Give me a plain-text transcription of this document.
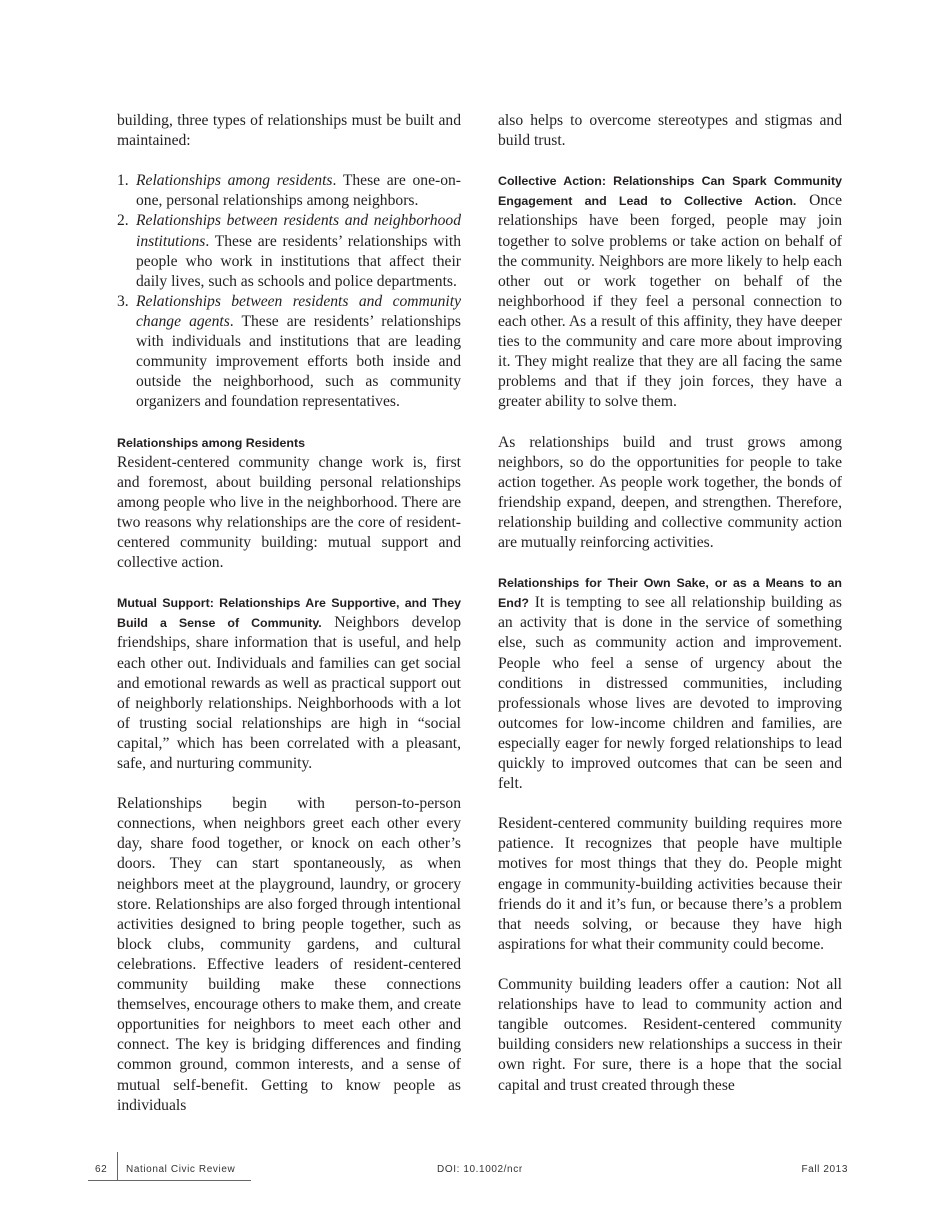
building, three types of relationships must be built and maintained:

1. Relationships among residents. These are one-on-one, personal relationships among neighbors.
2. Relationships between residents and neighborhood institutions. These are residents’ relationships with people who work in institutions that affect their daily lives, such as schools and police departments.
3. Relationships between residents and community change agents. These are residents’ relationships with individuals and institutions that are leading community improvement efforts both inside and outside the neighborhood, such as community organizers and foundation representatives.
Relationships among Residents

Resident-centered community change work is, first and foremost, about building personal relationships among people who live in the neighborhood. There are two reasons why relationships are the core of resident-centered community building: mutual support and collective action.

Mutual Support: Relationships Are Supportive, and They Build a Sense of Community. Neighbors develop friendships, share information that is useful, and help each other out. Individuals and families can get social and emotional rewards as well as practical support out of neighborly relationships. Neighborhoods with a lot of trusting social relationships are high in “social capital,” which has been correlated with a pleasant, safe, and nurturing community.

Relationships begin with person-to-person connections, when neighbors greet each other every day, share food together, or knock on each other’s doors. They can start spontaneously, as when neighbors meet at the playground, laundry, or grocery store. Relationships are also forged through intentional activities designed to bring people together, such as block clubs, community gardens, and cultural celebrations. Effective leaders of resident-centered community building make these connections themselves, encourage others to make them, and create opportunities for neighbors to meet each other and connect. The key is bridging differences and finding common ground, common interests, and a sense of mutual self-benefit. Getting to know people as individuals

also helps to overcome stereotypes and stigmas and build trust.

Collective Action: Relationships Can Spark Community Engagement and Lead to Collective Action. Once relationships have been forged, people may join together to solve problems or take action on behalf of the community. Neighbors are more likely to help each other out or work together on behalf of the neighborhood if they feel a personal connection to each other. As a result of this affinity, they have deeper ties to the community and care more about improving it. They might realize that they are all facing the same problems and that if they join forces, they have a greater ability to solve them.

As relationships build and trust grows among neighbors, so do the opportunities for people to take action together. As people work together, the bonds of friendship expand, deepen, and strengthen. Therefore, relationship building and collective community action are mutually reinforcing activities.

Relationships for Their Own Sake, or as a Means to an End? It is tempting to see all relationship building as an activity that is done in the service of something else, such as community action and improvement. People who feel a sense of urgency about the conditions in distressed communities, including professionals whose lives are devoted to improving outcomes for low-income children and families, are especially eager for newly forged relationships to lead quickly to improved outcomes that can be seen and felt.

Resident-centered community building requires more patience. It recognizes that people have multiple motives for most things that they do. People might engage in community-building activities because their friends do it and it’s fun, or because there’s a problem that needs solving, or because they have high aspirations for what their community could become.

Community building leaders offer a caution: Not all relationships have to lead to community action and tangible outcomes. Resident-centered community building considers new relationships a success in their own right. For sure, there is a hope that the social capital and trust created through these

62 National Civic Review	DOI: 10.1002/ncr	Fall 2013
